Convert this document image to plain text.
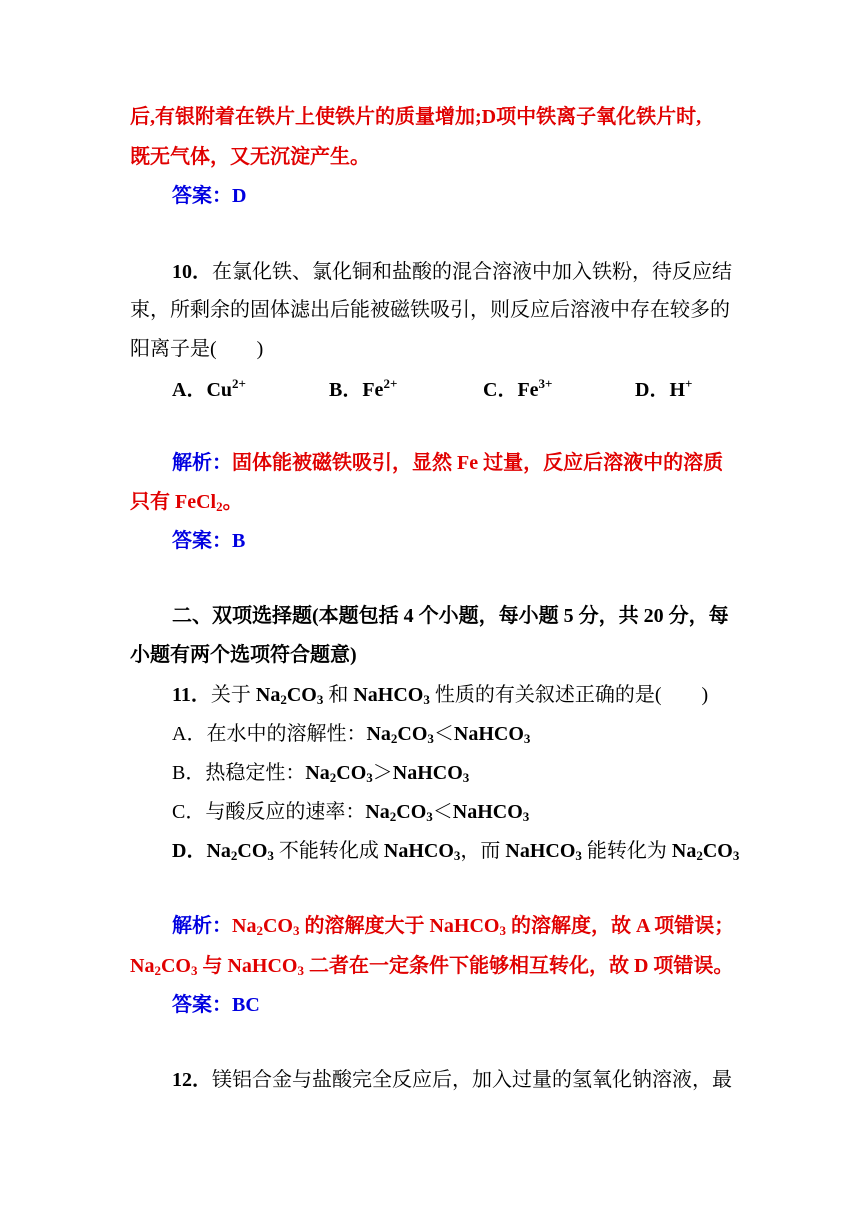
后,有银附着在铁片上使铁片的质量增加;D项中铁离子氧化铁片时,
既无气体，又无沉淀产生。
答案：D
10．在氯化铁、氯化铜和盐酸的混合溶液中加入铁粉，待反应结
束，所剩余的固体滤出后能被磁铁吸引，则反应后溶液中存在较多的
阳离子是(　　)
A．$Cu^{2+}$	B．$Fe^{2+}$	C．$Fe^{3+}$	D．H+
解析：固体能被磁铁吸引，显然 Fe 过量，反应后溶液中的溶质
只有 FeCl$_2$。
答案：B
二、双项选择题(本题包括 4 个小题，每小题 5 分，共 20 分，每
小题有两个选项符合题意)
11．关于 $Na_2CO_3$ 和 NaHCO$_3$ 性质的有关叙述正确的是(　　)
A．在水中的溶解性：$Na_2CO_3<NaHCO_3$
B．热稳定性：$Na_2CO_3>NaHCO_3$
C．与酸反应的速率：$Na_2CO_3<NaHCO_3$
D．$Na_2CO_3$ 不能转化成 NaHCO$_3$，而 NaHCO$_3$ 能转化为 $Na_2CO_3$
解析：$Na_2CO_3$ 的溶解度大于 NaHCO$_3$ 的溶解度，故 A 项错误；
$Na_2CO_3$ 与 NaHCO$_3$ 二者在一定条件下能够相互转化，故 D 项错误。
答案：BC
12．镁铝合金与盐酸完全反应后，加入过量的氢氧化钠溶液，最
